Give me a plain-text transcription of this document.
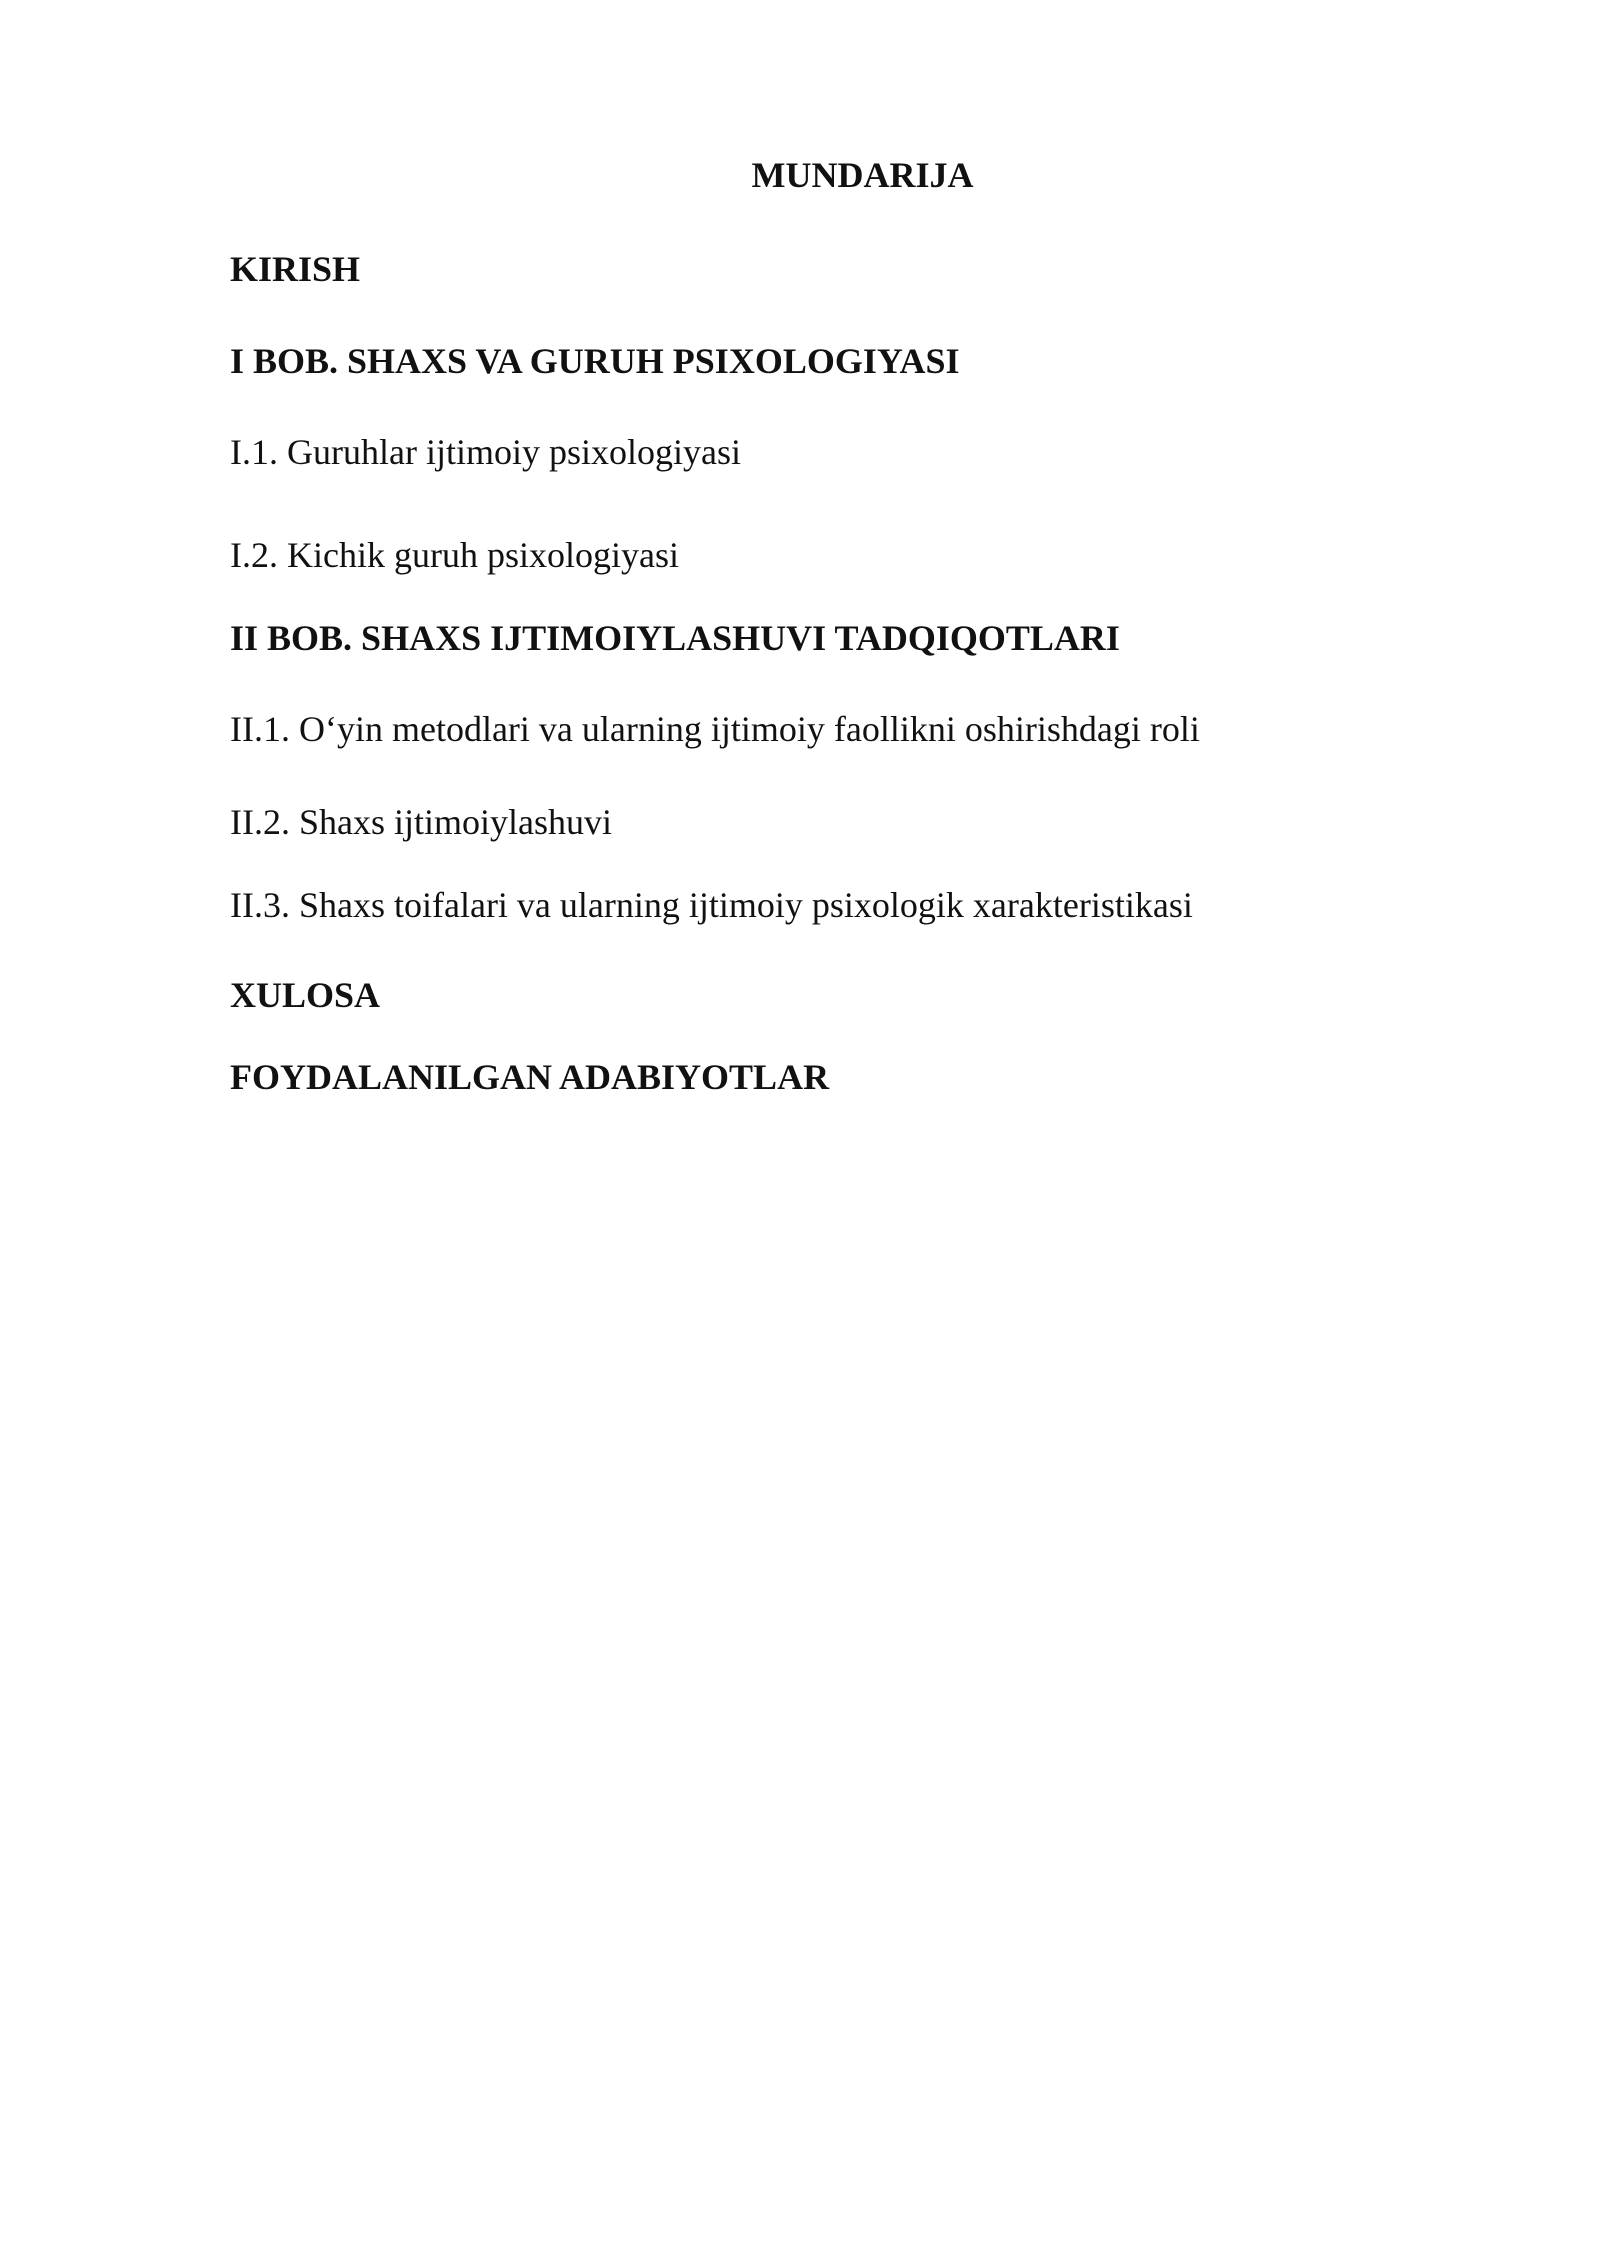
MUNDARIJA
KIRISH
I BOB. SHAXS VA GURUH PSIXOLOGIYASI
I.1. Guruhlar ijtimoiy psixologiyasi
I.2. Kichik guruh psixologiyasi
II BOB. SHAXS IJTIMOIYLASHUVI TADQIQOTLARI
II.1. O‘yin metodlari va ularning ijtimoiy faollikni oshirishdagi roli
II.2. Shaxs ijtimoiylashuvi
II.3. Shaxs toifalari va ularning ijtimoiy psixologik xarakteristikasi
XULOSA
FOYDALANILGAN ADABIYOTLAR
